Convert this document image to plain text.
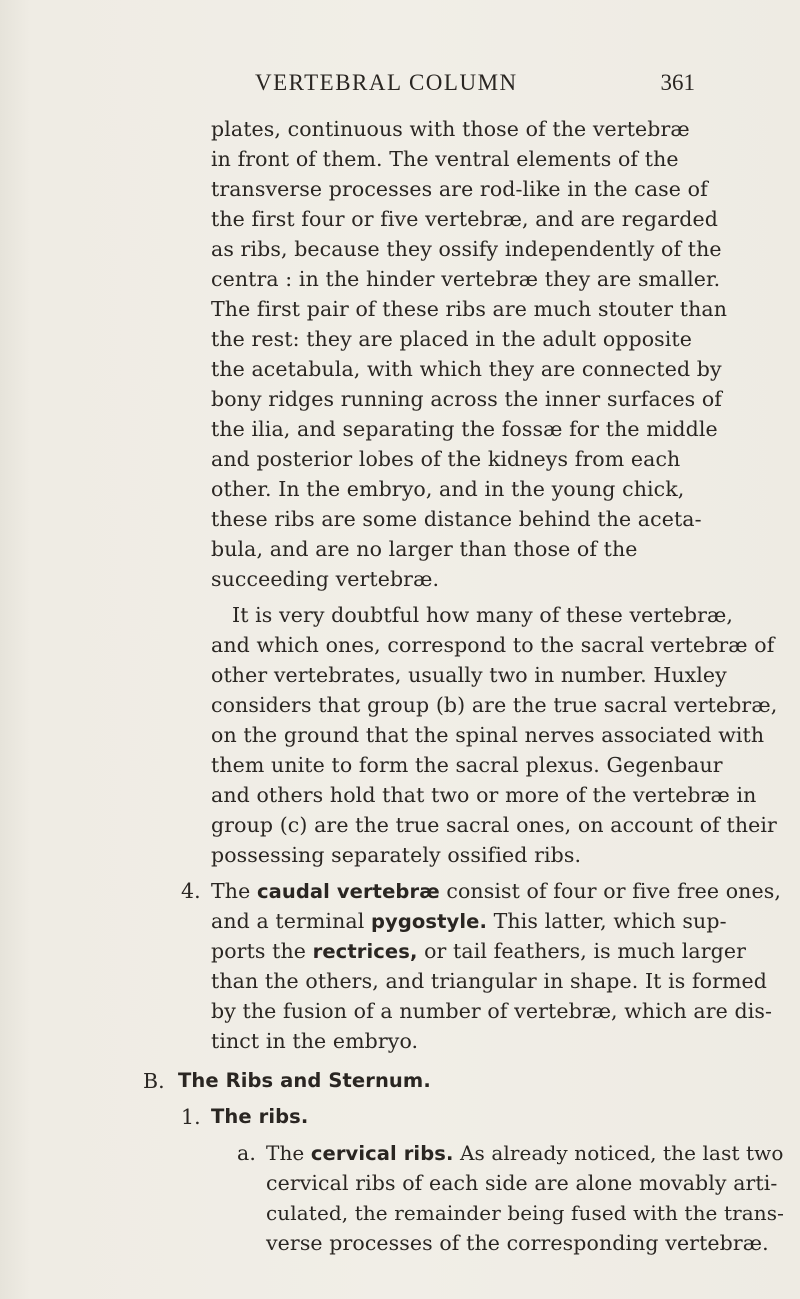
VERTEBRAL COLUMN	361
plates, continuous with those of the vertebræ
in front of them. The ventral elements of the
transverse processes are rod-like in the case of
the first four or five vertebræ, and are regarded
as ribs, because they ossify independently of the
centra : in the hinder vertebræ they are smaller.
The first pair of these ribs are much stouter than
the rest: they are placed in the adult opposite
the acetabula, with which they are connected by
bony ridges running across the inner surfaces of
the ilia, and separating the fossæ for the middle
and posterior lobes of the kidneys from each
other. In the embryo, and in the young chick,
these ribs are some distance behind the aceta-
bula, and are no larger than those of the
succeeding vertebræ.
It is very doubtful how many of these vertebræ,
and which ones, correspond to the sacral vertebræ of
other vertebrates, usually two in number. Huxley
considers that group (b) are the true sacral vertebræ,
on the ground that the spinal nerves associated with
them unite to form the sacral plexus. Gegenbaur
and others hold that two or more of the vertebræ in
group (c) are the true sacral ones, on account of their
possessing separately ossified ribs.
4. The caudal vertebræ consist of four or five free ones,
and a terminal pygostyle. This latter, which sup-
ports the rectrices, or tail feathers, is much larger
than the others, and triangular in shape. It is formed
by the fusion of a number of vertebræ, which are dis-
tinct in the embryo.
B. The Ribs and Sternum.
1. The ribs.
a. The cervical ribs. As already noticed, the last two
cervical ribs of each side are alone movably arti-
culated, the remainder being fused with the trans-
verse processes of the corresponding vertebræ.
